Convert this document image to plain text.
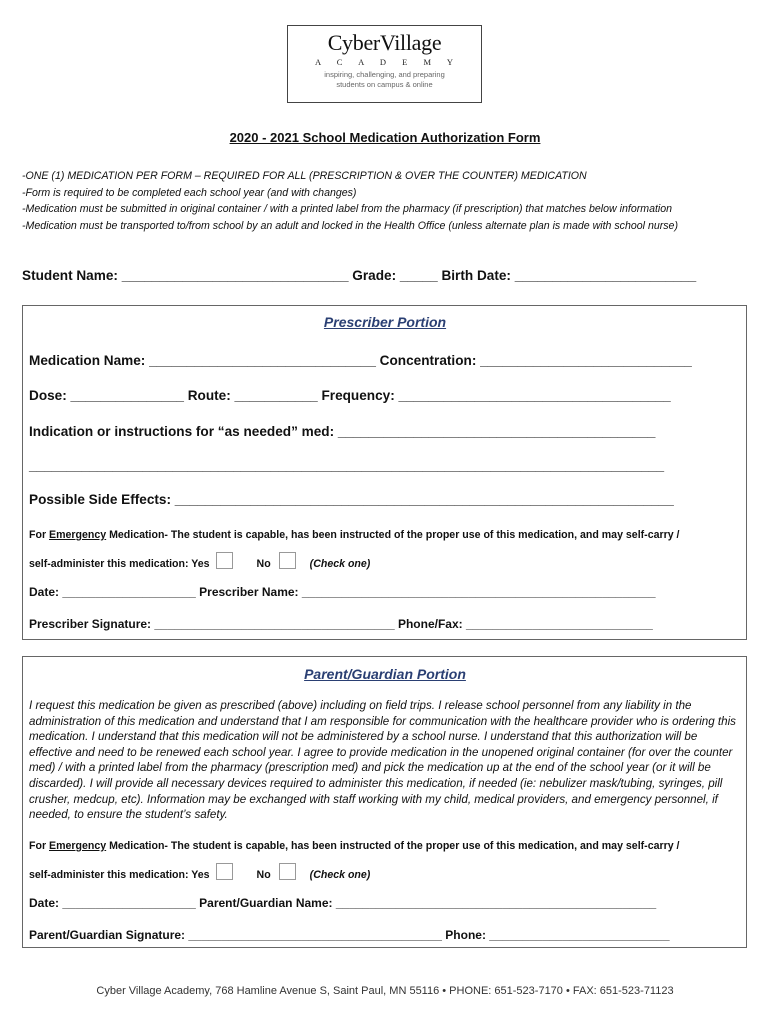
CyberVillage
A C A D E M Y
inspiring, challenging, and preparing
students on campus & online
2020 - 2021 School Medication Authorization Form
-ONE (1) MEDICATION PER FORM – REQUIRED FOR ALL (PRESCRIPTION & OVER THE COUNTER) MEDICATION
-Form is required to be completed each school year (and with changes)
-Medication must be submitted in original container / with a printed label from the pharmacy (if prescription) that matches below information
-Medication must be transported to/from school by an adult and locked in the Health Office (unless alternate plan is made with school nurse)
Student Name: ______________________________ Grade: _____ Birth Date: ________________________
Prescriber Portion
Medication Name: ______________________________ Concentration: ____________________________
Dose: _______________ Route: ___________ Frequency: ____________________________________
Indication or instructions for “as needed” med: __________________________________________
____________________________________________________________________________________
Possible Side Effects: __________________________________________________________________
For Emergency Medication- The student is capable, has been instructed of the proper use of this medication, and may self-carry /
self-administer this medication: Yes	No	(Check one)
Date: ____________________ Prescriber Name: _____________________________________________________
Prescriber Signature: ____________________________________ Phone/Fax: ____________________________
Parent/Guardian Portion
I request this medication be given as prescribed (above) including on field trips. I release school personnel from any liability in the administration of this medication and understand that I am responsible for communication with the healthcare provider who is ordering this medication. I understand that this medication will not be administered by a school nurse. I understand that this authorization will be effective and need to be renewed each school year. I agree to provide medication in the unopened original container (for over the counter med) / with a printed label from the pharmacy (prescription med) and pick the medication up at the end of the school year (or it will be discarded). I will provide all necessary devices required to administer this medication, if needed (ie: nebulizer mask/tubing, syringes, pill crusher, medcup, etc). Information may be exchanged with staff working with my child, medical providers, and emergency personnel, if needed, to ensure the student’s safety.
For Emergency Medication- The student is capable, has been instructed of the proper use of this medication, and may self-carry /
self-administer this medication: Yes	No	(Check one)
Date: ____________________ Parent/Guardian Name: ________________________________________________
Parent/Guardian Signature: ______________________________________ Phone: ___________________________
Cyber Village Academy, 768 Hamline Avenue S, Saint Paul, MN 55116 • PHONE: 651-523-7170 • FAX: 651-523-71123
